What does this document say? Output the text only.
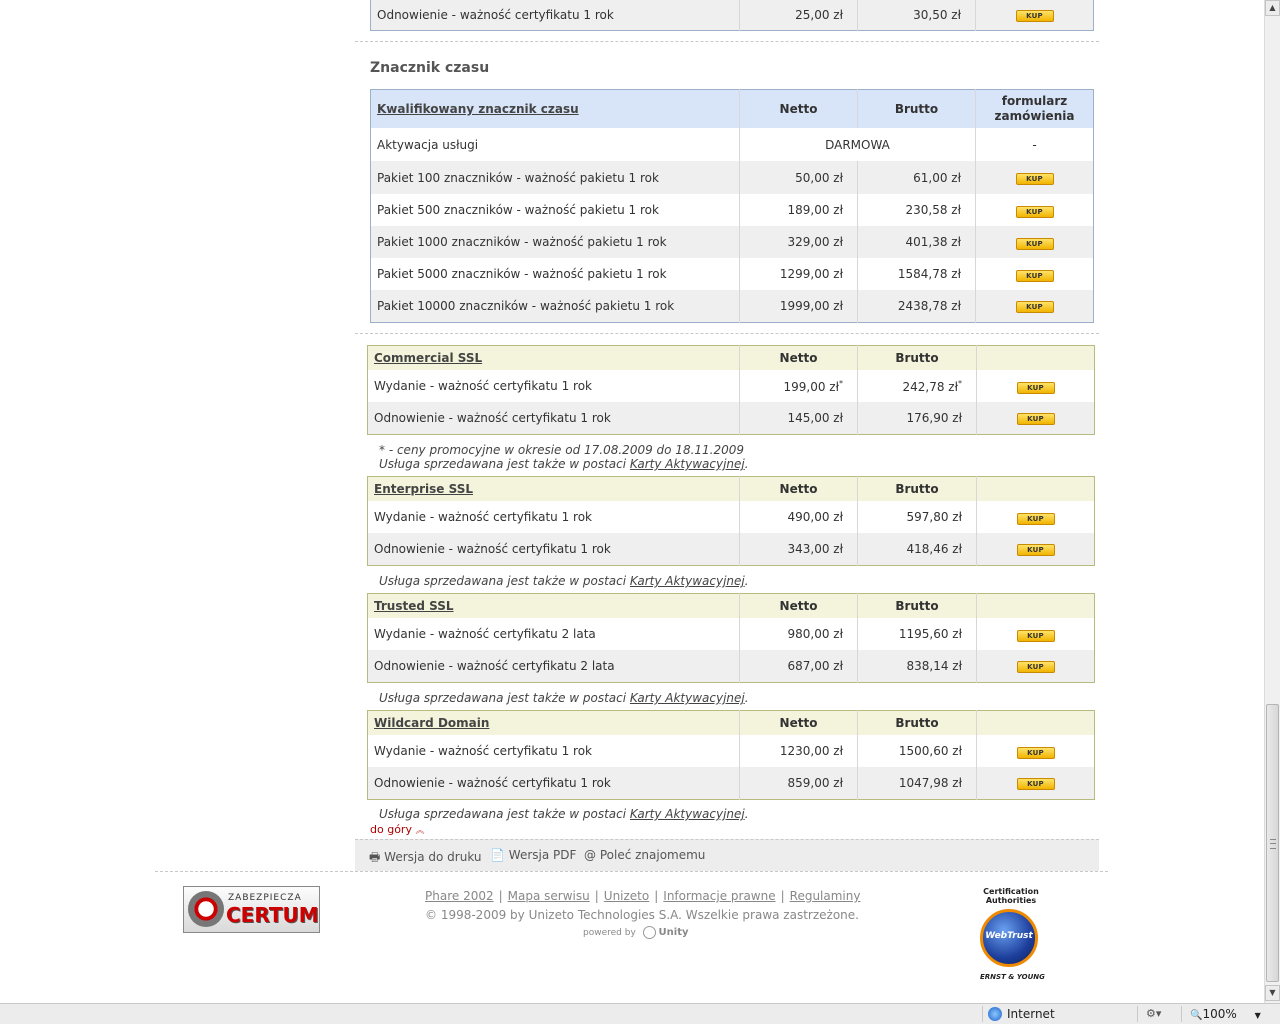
▲
▼
Odnowienie - ważność certyfikatu 1 rok	25,00 zł	30,50 zł	KUP
Znacznik czasu
Kwalifikowany znacznik czasu	Netto	Brutto	formularz zamówienia
Aktywacja usługi	DARMOWA		-
Pakiet 100 znaczników - ważność pakietu 1 rok	50,00 zł	61,00 zł	KUP
Pakiet 500 znaczników - ważność pakietu 1 rok	189,00 zł	230,58 zł	KUP
Pakiet 1000 znaczników - ważność pakietu 1 rok	329,00 zł	401,38 zł	KUP
Pakiet 5000 znaczników - ważność pakietu 1 rok	1299,00 zł	1584,78 zł	KUP
Pakiet 10000 znaczników - ważność pakietu 1 rok	1999,00 zł	2438,78 zł	KUP
Commercial SSL	Netto	Brutto	
Wydanie - ważność certyfikatu 1 rok	199,00 zł*	242,78 zł*	KUP
Odnowienie - ważność certyfikatu 1 rok	145,00 zł	176,90 zł	KUP
* - ceny promocyjne w okresie od 17.08.2009 do 18.11.2009
Usługa sprzedawana jest także w postaci Karty Aktywacyjnej.
Enterprise SSL	Netto	Brutto	
Wydanie - ważność certyfikatu 1 rok	490,00 zł	597,80 zł	KUP
Odnowienie - ważność certyfikatu 1 rok	343,00 zł	418,46 zł	KUP
Usługa sprzedawana jest także w postaci Karty Aktywacyjnej.
Trusted SSL	Netto	Brutto	
Wydanie - ważność certyfikatu 2 lata	980,00 zł	1195,60 zł	KUP
Odnowienie - ważność certyfikatu 2 lata	687,00 zł	838,14 zł	KUP
Usługa sprzedawana jest także w postaci Karty Aktywacyjnej.
Wildcard Domain	Netto	Brutto	
Wydanie - ważność certyfikatu 1 rok	1230,00 zł	1500,60 zł	KUP
Odnowienie - ważność certyfikatu 1 rok	859,00 zł	1047,98 zł	KUP
Usługa sprzedawana jest także w postaci Karty Aktywacyjnej.
do góry ︽
🖶 Wersja do druku 📄 Wersja PDF @ Poleć znajomemu
ZABEZPIECZA
CERTUM
Phare 2002 | Mapa serwisu | Unizeto | Informacje prawne | Regulaminy
© 1998-2009 by Unizeto Technologies S.A. Wszelkie prawa zastrzeżone.
powered by Unity
Certification Authorities
WebTrust
ERNST & YOUNG
Internet	⚙▾	🔍100% ▼
